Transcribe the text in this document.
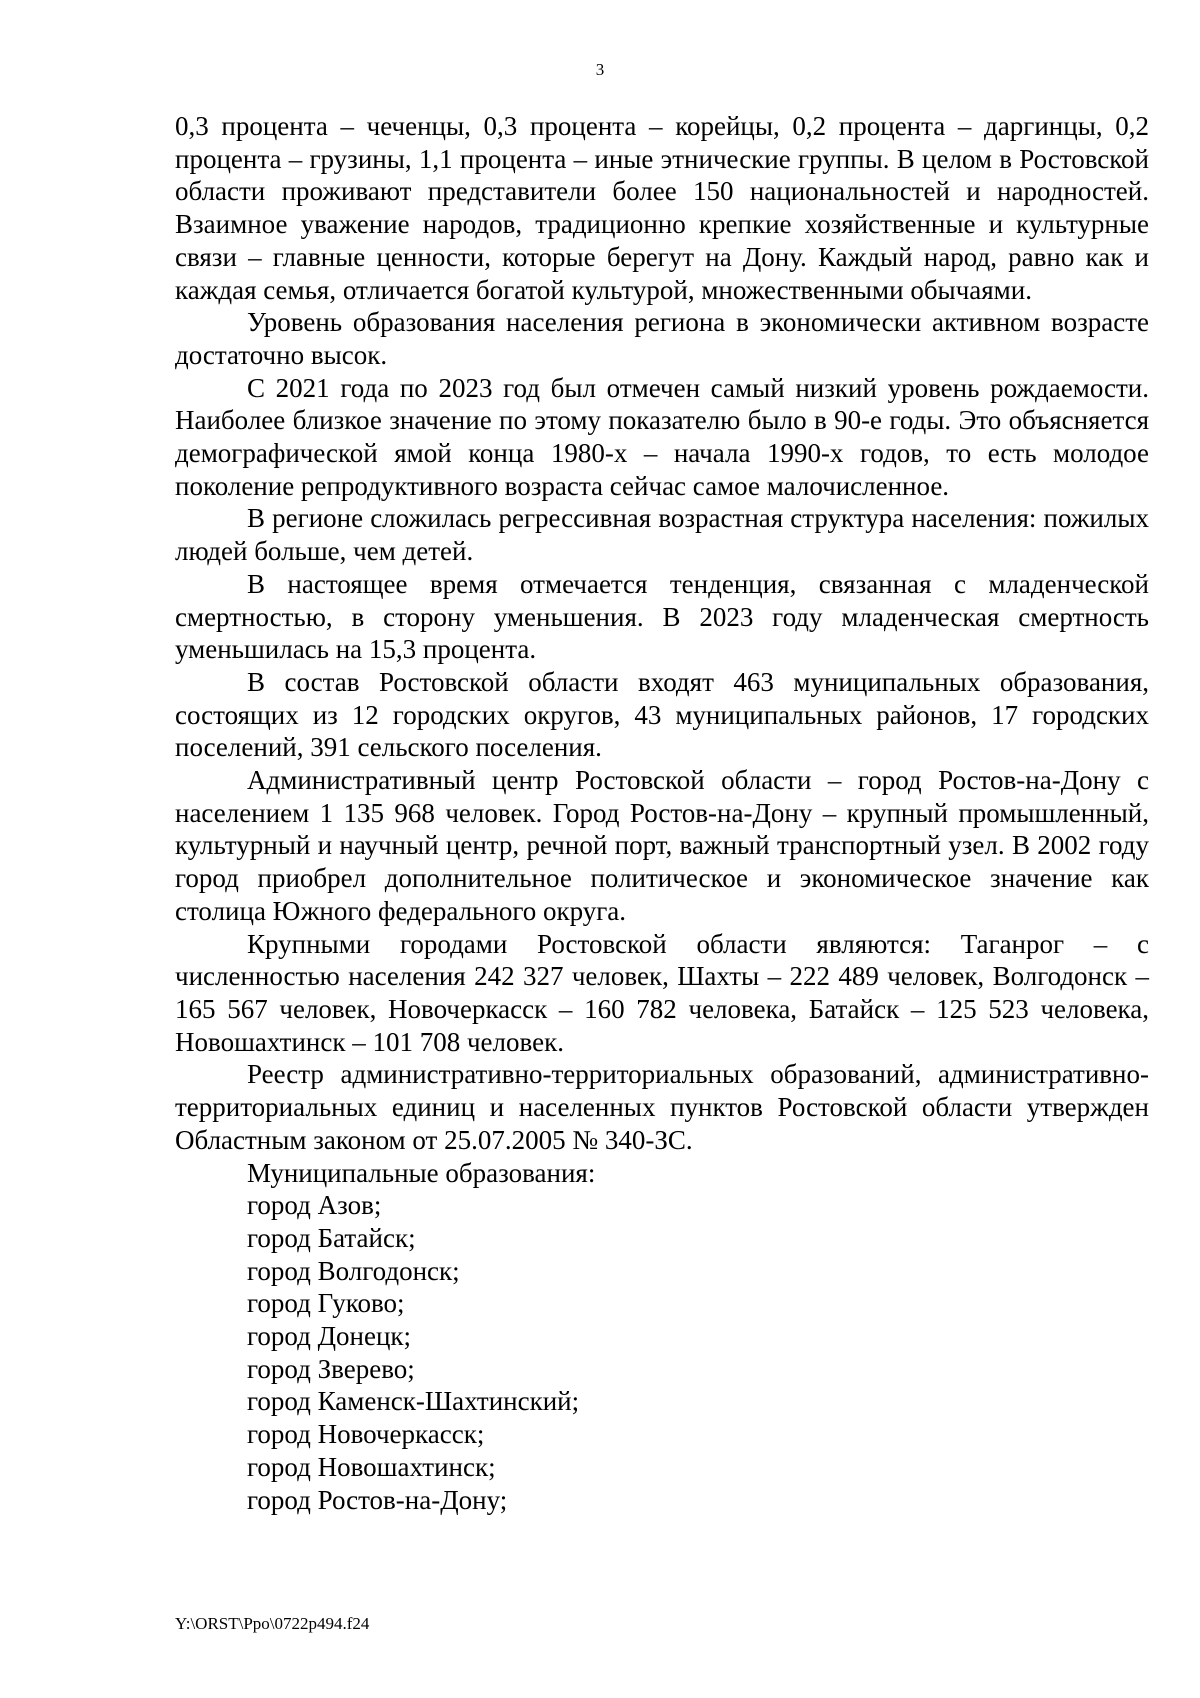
3

0,3 процента – чеченцы, 0,3 процента – корейцы, 0,2 процента – даргинцы, 0,2 процента – грузины, 1,1 процента – иные этнические группы. В целом в Ростовской области проживают представители более 150 национальностей и народностей. Взаимное уважение народов, традиционно крепкие хозяйственные и культурные связи – главные ценности, которые берегут на Дону. Каждый народ, равно как и каждая семья, отличается богатой культурой, множественными обычаями.

Уровень образования населения региона в экономически активном возрасте достаточно высок.

С 2021 года по 2023 год был отмечен самый низкий уровень рождаемости. Наиболее близкое значение по этому показателю было в 90-е годы. Это объясняется демографической ямой конца 1980-х – начала 1990-х годов, то есть молодое поколение репродуктивного возраста сейчас самое малочисленное.

В регионе сложилась регрессивная возрастная структура населения: пожилых людей больше, чем детей.

В настоящее время отмечается тенденция, связанная с младенческой смертностью, в сторону уменьшения. В 2023 году младенческая смертность уменьшилась на 15,3 процента.

В состав Ростовской области входят 463 муниципальных образования, состоящих из 12 городских округов, 43 муниципальных районов, 17 городских поселений, 391 сельского поселения.

Административный центр Ростовской области – город Ростов-на-Дону с населением 1 135 968 человек. Город Ростов-на-Дону – крупный промышленный, культурный и научный центр, речной порт, важный транспортный узел. В 2002 году город приобрел дополнительное политическое и экономическое значение как столица Южного федерального округа.

Крупными городами Ростовской области являются: Таганрог – с численностью населения 242 327 человек, Шахты – 222 489 человек, Волгодонск – 165 567 человек, Новочеркасск – 160 782 человека, Батайск – 125 523 человека, Новошахтинск – 101 708 человек.

Реестр административно-территориальных образований, административно-территориальных единиц и населенных пунктов Ростовской области утвержден Областным законом от 25.07.2005 № 340-ЗС.

Муниципальные образования:

город Азов;
город Батайск;
город Волгодонск;
город Гуково;
город Донецк;
город Зверево;
город Каменск-Шахтинский;
город Новочеркасск;
город Новошахтинск;
город Ростов-на-Дону;
Y:\ORST\Ppo\0722p494.f24
